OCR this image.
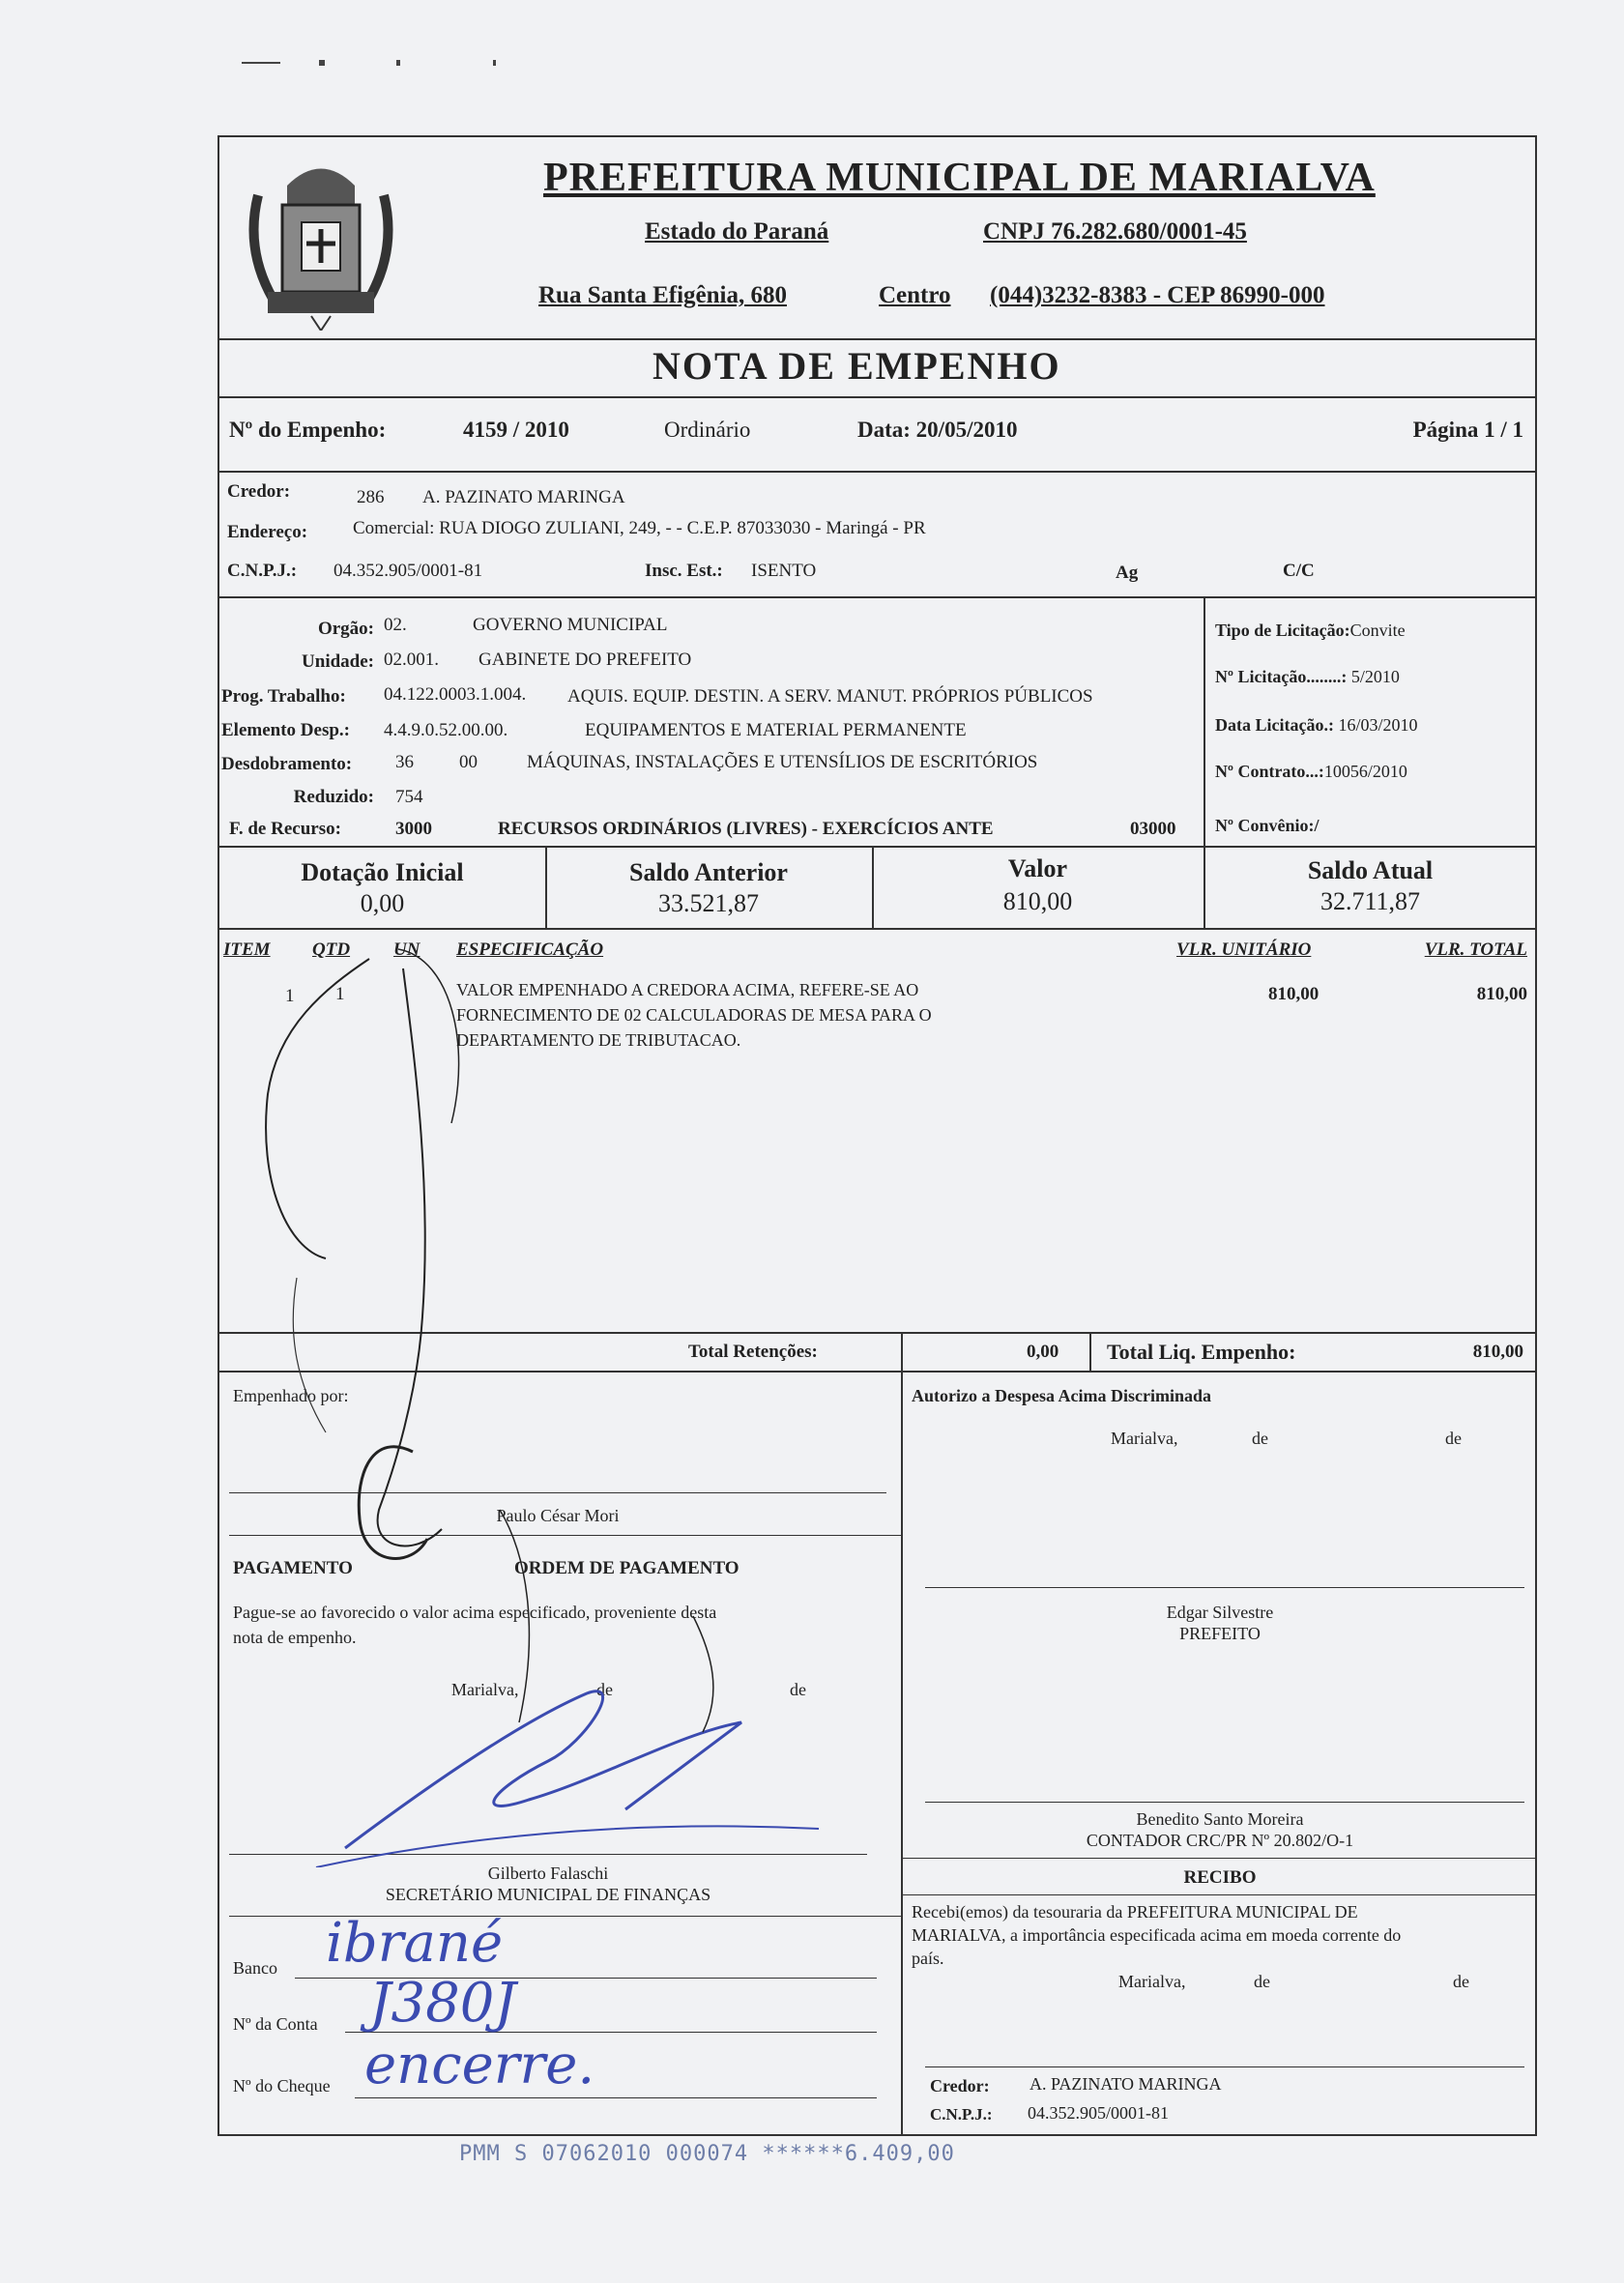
PREFEITURA MUNICIPAL DE MARIALVA
Estado do Paraná	CNPJ 76.282.680/0001-45
Rua Santa Efigênia, 680	Centro (044)3232-8383 - CEP 86990-000
NOTA DE EMPENHO
Nº do Empenho:	4159 / 2010	Ordinário	Data: 20/05/2010	Página 1 / 1
Credor:	286 A. PAZINATO MARINGA
Endereço: Comercial: RUA DIOGO ZULIANI, 249, - - C.E.P. 87033030 - Maringá - PR
C.N.P.J.: 04.352.905/0001-81	Insc. Est.: ISENTO	Ag	C/C
Orgão: 02.	GOVERNO MUNICIPAL
Unidade: 02.001. GABINETE DO PREFEITO
Prog. Trabalho: 04.122.0003.1.004. AQUIS. EQUIP. DESTIN. A SERV. MANUT. PRÓPRIOS PÚBLICOS
Elemento Desp.: 4.4.9.0.52.00.00.	EQUIPAMENTOS E MATERIAL PERMANENTE
Desdobramento: 36 00	MÁQUINAS, INSTALAÇÕES E UTENSÍLIOS DE ESCRITÓRIOS
Reduzido: 754
F. de Recurso:	3000	RECURSOS ORDINÁRIOS (LIVRES) - EXERCÍCIOS ANTE	03000
Tipo de Licitação:Convite
Nº Licitação........: 5/2010
Data Licitação.: 16/03/2010
Nº Contrato...:10056/2010
Nº Convênio:/
Dotação Inicial
0,00
Saldo Anterior
33.521,87
Valor
810,00
Saldo Atual
32.711,87
ITEM QTD UN ESPECIFICAÇÃO	VLR. UNITÁRIO	VLR. TOTAL
1 1	VALOR EMPENHADO A CREDORA ACIMA, REFERE-SE AO
FORNECIMENTO DE 02 CALCULADORAS DE MESA PARA O
DEPARTAMENTO DE TRIBUTACAO.
810,00	810,00
Total Retenções:	0,00 Total Liq. Empenho:	810,00
Empenhado por:
Paulo César Mori
PAGAMENTO	ORDEM DE PAGAMENTO
Pague-se ao favorecido o valor acima especificado, proveniente desta
nota de empenho.
Marialva,	de	de
Gilberto Falaschi
SECRETÁRIO MUNICIPAL DE FINANÇAS
Banco
Nº da Conta
Nº do Cheque
ibrané
J380J
encerre.
Autorizo a Despesa Acima Discriminada
Marialva,	de	de
Edgar Silvestre
PREFEITO
Benedito Santo Moreira
CONTADOR CRC/PR Nº 20.802/O-1
RECIBO
Recebi(emos) da tesouraria da PREFEITURA MUNICIPAL DE
MARIALVA, a importância especificada acima em moeda corrente do
país.
Marialva,	de	de
Credor: A. PAZINATO MARINGA
C.N.P.J.: 04.352.905/0001-81
PMM S 07062010 000074 ******6.409,00
